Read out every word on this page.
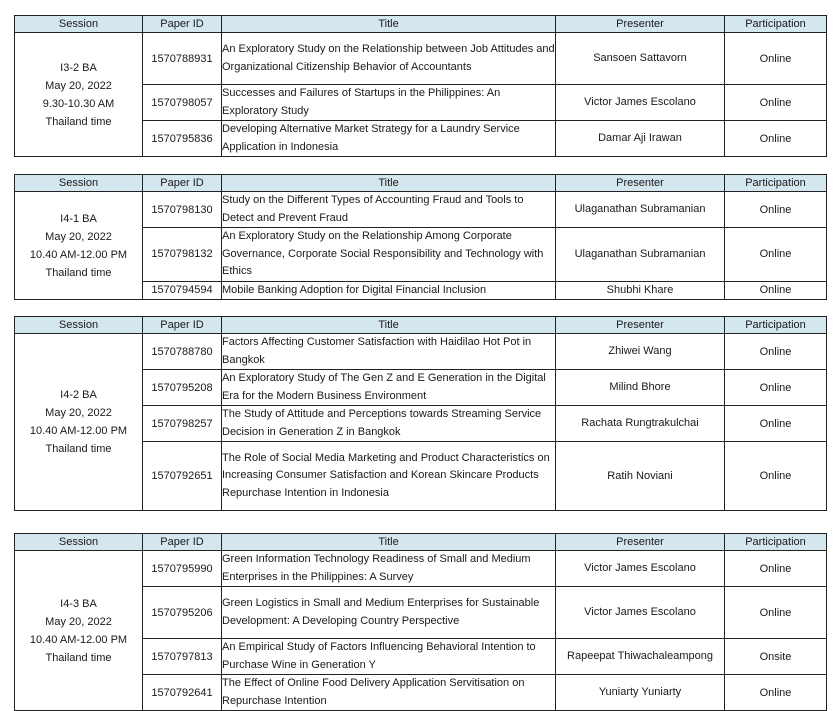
Session	Paper ID	Title	Presenter	Participation

I3-2 BA
May 20, 2022
9.30-10.30 AM
Thailand time	1570788931	An Exploratory Study on the Relationship between Job Attitudes and Organizational Citizenship Behavior of Accountants	Sansoen Sattavorn	Online
	1570798057	Successes and Failures of Startups in the Philippines: An Exploratory Study	Victor James Escolano	Online
	1570795836	Developing Alternative Market Strategy for a Laundry Service Application in Indonesia	Damar Aji Irawan	Online
Session	Paper ID	Title	Presenter	Participation

I4-1 BA
May 20, 2022
10.40 AM-12.00 PM
Thailand time	1570798130	Study on the Different Types of Accounting Fraud and Tools to Detect and Prevent Fraud	Ulaganathan Subramanian	Online
	1570798132	An Exploratory Study on the Relationship Among Corporate Governance, Corporate Social Responsibility and Technology with Ethics	Ulaganathan Subramanian	Online
	1570794594	Mobile Banking Adoption for Digital Financial Inclusion	Shubhi Khare	Online
Session	Paper ID	Title	Presenter	Participation

I4-2 BA
May 20, 2022
10.40 AM-12.00 PM
Thailand time	1570788780	Factors Affecting Customer Satisfaction with Haidilao Hot Pot in Bangkok	Zhiwei Wang	Online
	1570795208	An Exploratory Study of The Gen Z and E Generation in the Digital Era for the Modern Business Environment	Milind Bhore	Online
	1570798257	The Study of Attitude and Perceptions towards Streaming Service Decision in Generation Z in Bangkok	Rachata Rungtrakulchai	Online
	1570792651	The Role of Social Media Marketing and Product Characteristics on Increasing Consumer Satisfaction and Korean Skincare Products Repurchase Intention in Indonesia	Ratih Noviani	Online
Session	Paper ID	Title	Presenter	Participation

I4-3 BA
May 20, 2022
10.40 AM-12.00 PM
Thailand time	1570795990	Green Information Technology Readiness of Small and Medium Enterprises in the Philippines: A Survey	Victor James Escolano	Online
	1570795206	Green Logistics in Small and Medium Enterprises for Sustainable Development: A Developing Country Perspective	Victor James Escolano	Online
	1570797813	An Empirical Study of Factors Influencing Behavioral Intention to Purchase Wine in Generation Y	Rapeepat Thiwachaleampong	Onsite
	1570792641	The Effect of Online Food Delivery Application Servitisation on Repurchase Intention	Yuniarty Yuniarty	Online
